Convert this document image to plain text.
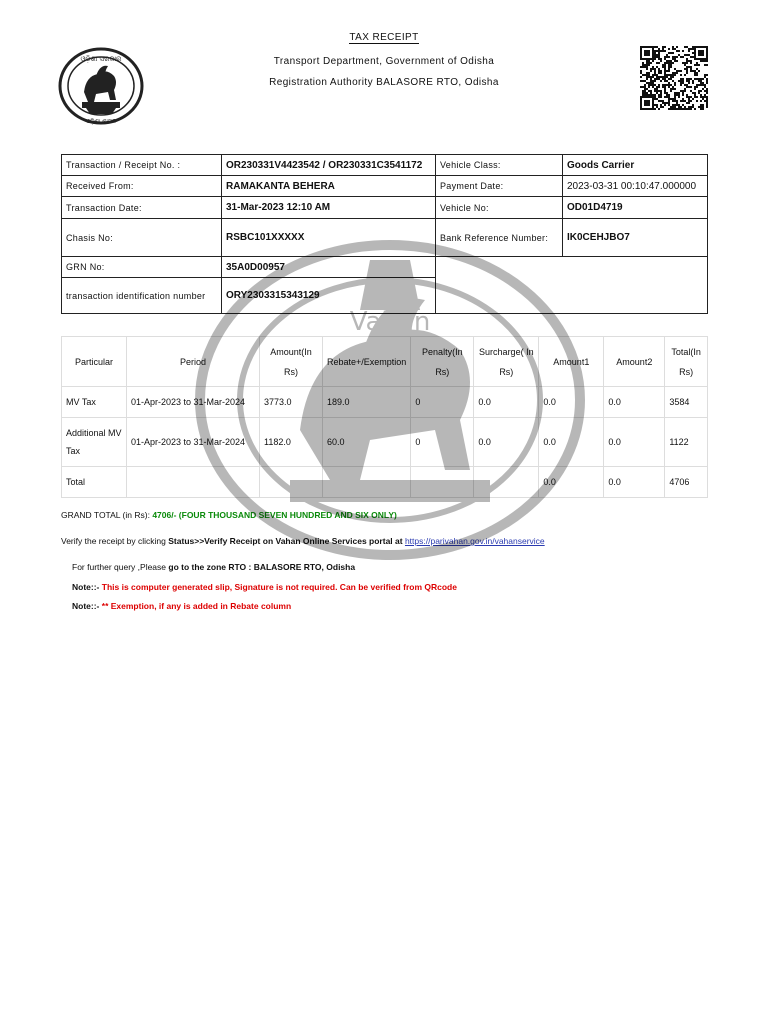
TAX RECEIPT
Transport Department, Government of Odisha
Registration Authority BALASORE RTO, Odisha
ଓଡ଼ିଶା ସରକାର
ଓଡ଼ିଶା ଶାସନ
Transaction / Receipt No. :	OR230331V4423542 / OR230331C3541172	Vehicle Class:	Goods Carrier
Received From:	RAMAKANTA BEHERA	Payment Date:	2023-03-31 00:10:47.000000
Transaction Date:	31-Mar-2023 12:10 AM	Vehicle No:	OD01D4719
Chasis No:	RSBC101XXXXX	Bank Reference Number:	IK0CEHJBO7
GRN No:	35A0D00957		
transaction identification number	ORY2303315343129		
Particular	Period	Amount(In Rs)	Rebate+/Exemption	Penalty(In Rs)	Surcharge( In Rs)	Amount1	Amount2	Total(In Rs)
MV Tax	01-Apr-2023 to 31-Mar-2024	3773.0	189.0	0	0.0	0.0	0.0	3584
Additional MV Tax	01-Apr-2023 to 31-Mar-2024	1182.0	60.0	0	0.0	0.0	0.0	1122
Total						0.0	0.0	4706
GRAND TOTAL (in Rs): 4706/- (FOUR THOUSAND SEVEN HUNDRED AND SIX ONLY)
Verify the receipt by clicking Status>>Verify Receipt on Vahan Online Services portal at https://parivahan.gov.in/vahanservice
For further query ,Please go to the zone RTO : BALASORE RTO, Odisha
Note::- This is computer generated slip, Signature is not required. Can be verified from QRcode
Note::- ** Exemption, if any is added in Rebate column
Vahan
